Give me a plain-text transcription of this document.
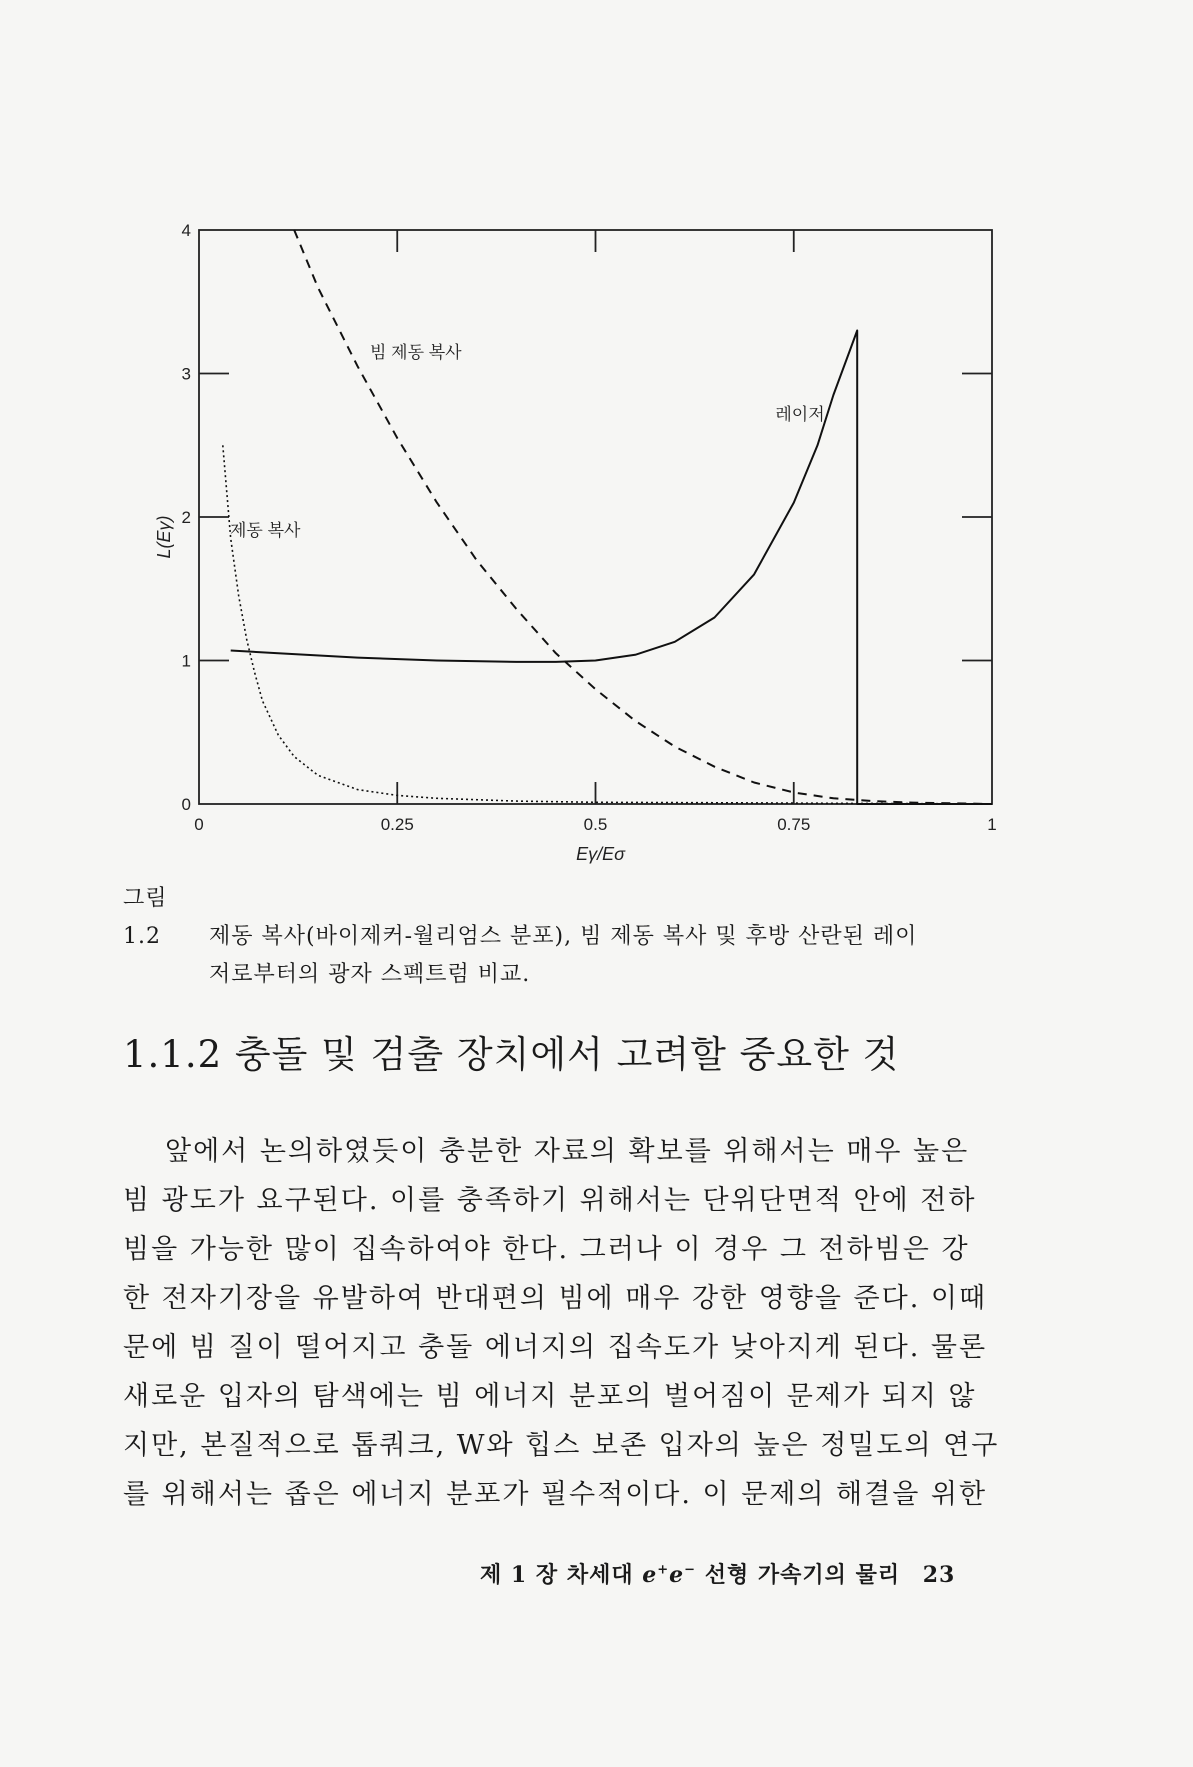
0	0.25	0.5	0.75	1
0
1
2
3
4
Eγ/Eσ
L(Eγ)
빔 제동 복사
레이저
제동 복사
그림 1.2 제동 복사(바이제커-월리엄스 분포), 빔 제동 복사 및 후방 산란된 레이
저로부터의 광자 스펙트럼 비교.
1.1.2 충돌 및 검출 장치에서 고려할 중요한 것
앞에서 논의하였듯이 충분한 자료의 확보를 위해서는 매우 높은
빔 광도가 요구된다. 이를 충족하기 위해서는 단위단면적 안에 전하
빔을 가능한 많이 집속하여야 한다. 그러나 이 경우 그 전하빔은 강
한 전자기장을 유발하여 반대편의 빔에 매우 강한 영향을 준다. 이때
문에 빔 질이 떨어지고 충돌 에너지의 집속도가 낮아지게 된다. 물론
새로운 입자의 탐색에는 빔 에너지 분포의 벌어짐이 문제가 되지 않
지만, 본질적으로 톱쿼크, W와 힙스 보존 입자의 높은 정밀도의 연구
를 위해서는 좁은 에너지 분포가 필수적이다. 이 문제의 해결을 위한
제 1 장 차세대 e+e− 선형 가속기의 물리 23
